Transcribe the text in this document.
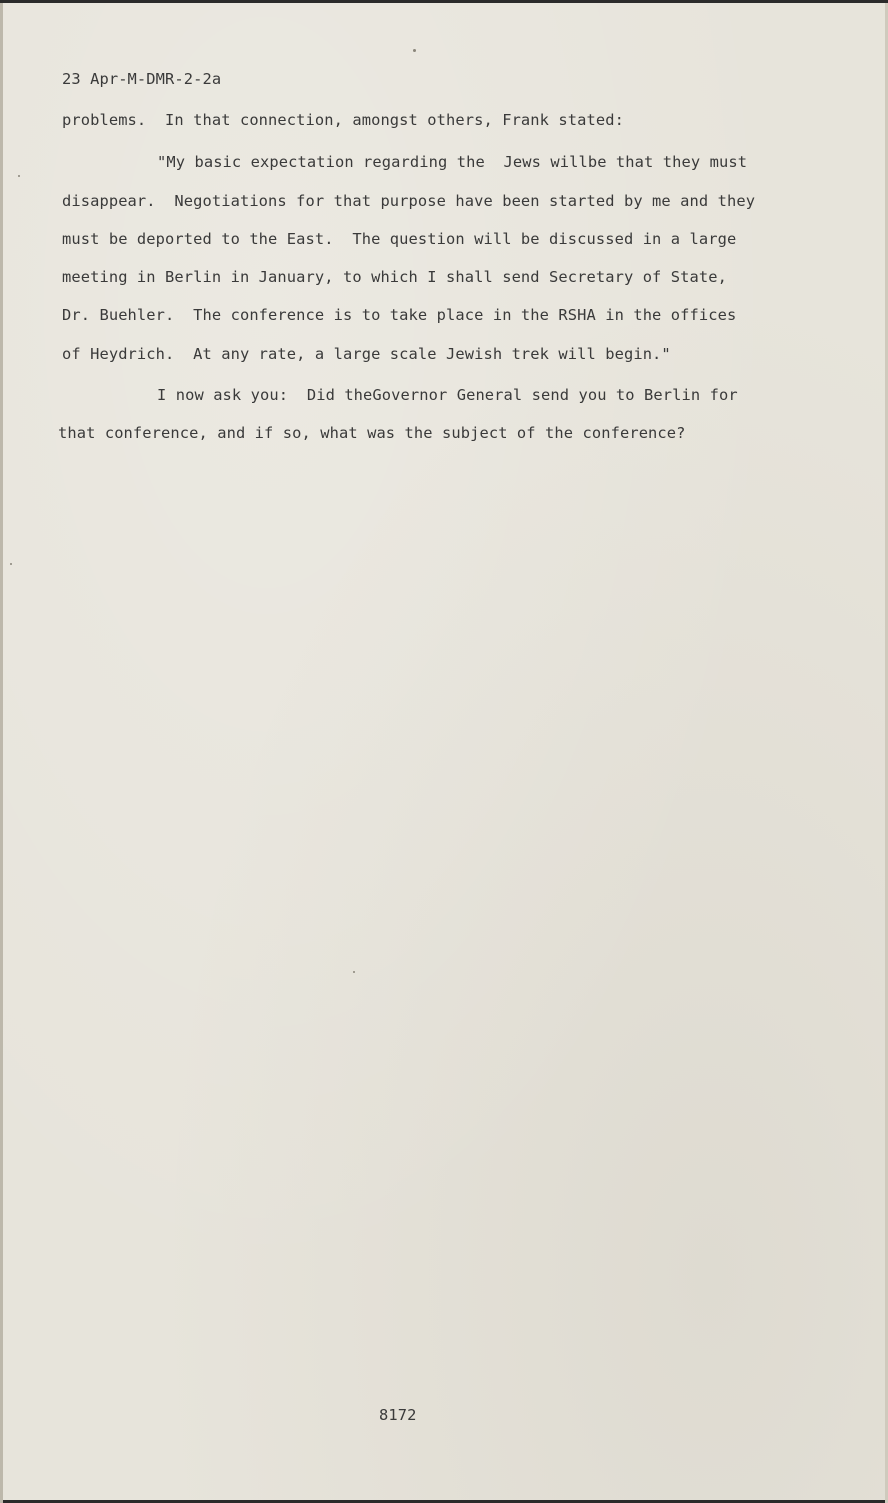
23 Apr-M-DMR-2-2a
problems.  In that connection, amongst others, Frank stated:
"My basic expectation regarding the  Jews willbe that they must
disappear.  Negotiations for that purpose have been started by me and they
must be deported to the East.  The question will be discussed in a large
meeting in Berlin in January, to which I shall send Secretary of State,
Dr. Buehler.  The conference is to take place in the RSHA in the offices
of Heydrich.  At any rate, a large scale Jewish trek will begin."
I now ask you:  Did theGovernor General send you to Berlin for
that conference, and if so, what was the subject of the conference?
8172
